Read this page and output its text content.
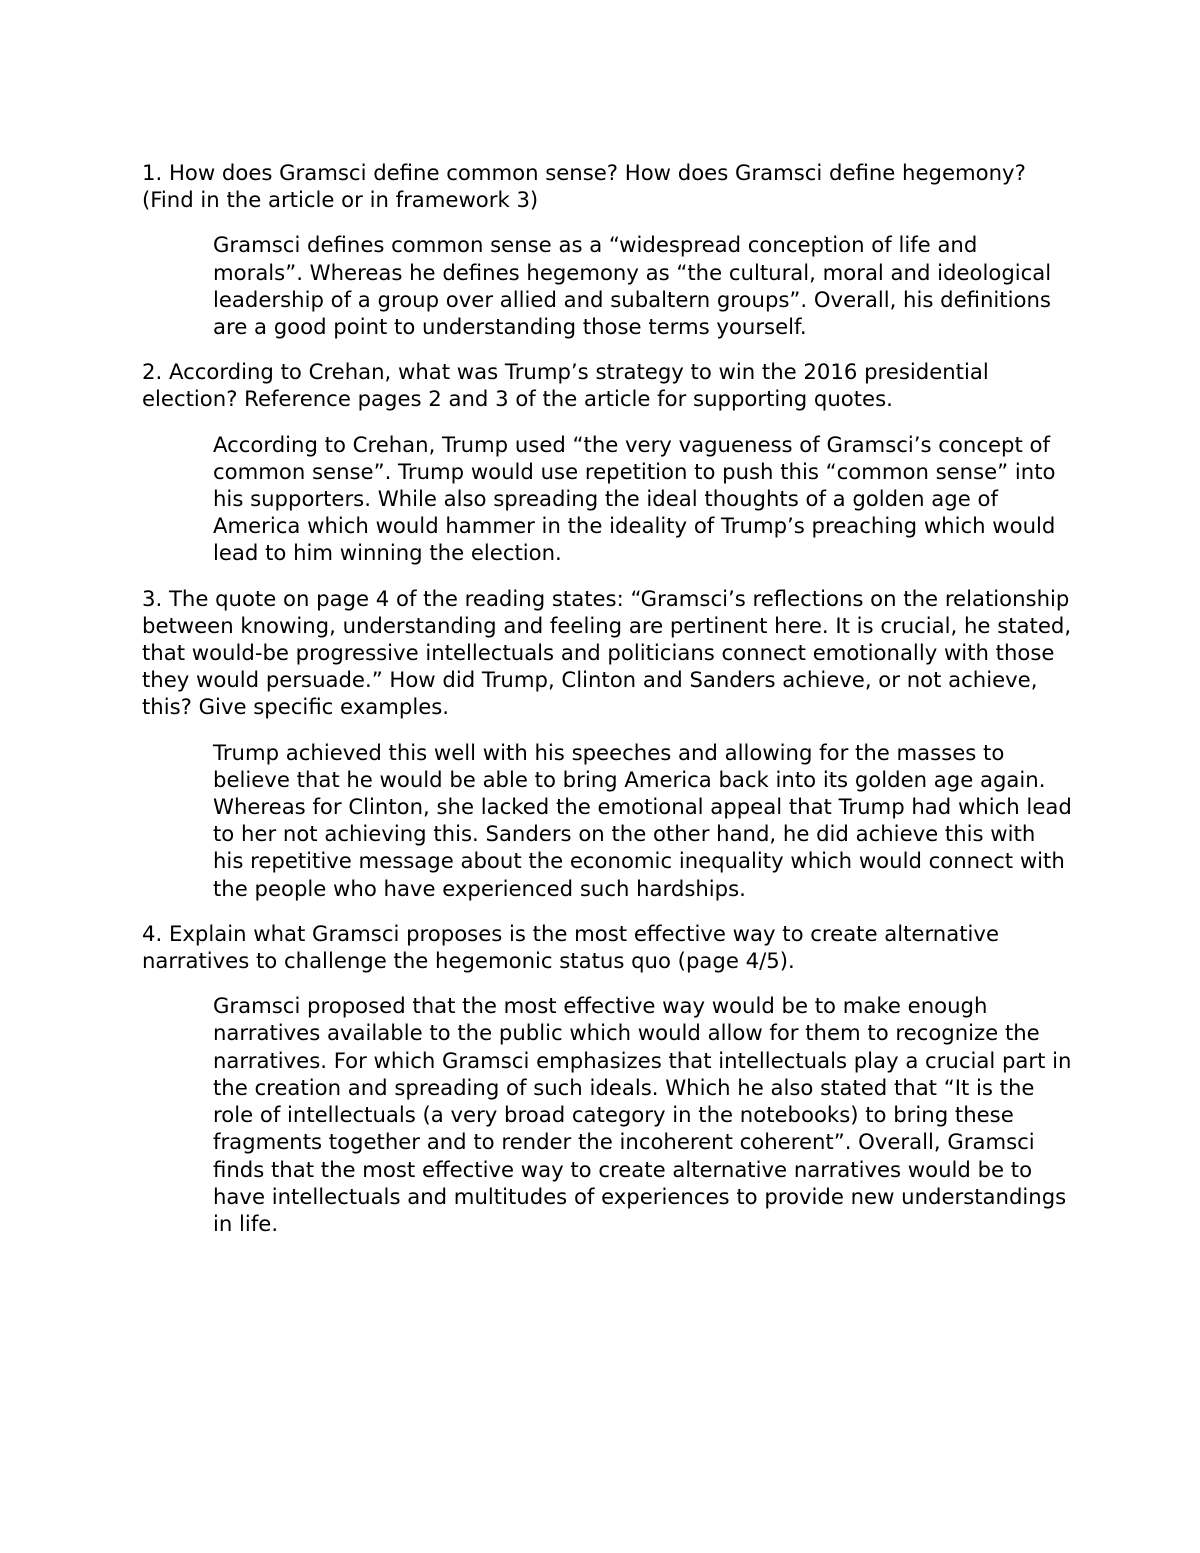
1. How does Gramsci define common sense? How does Gramsci define hegemony? (Find in the article or in framework 3)

Gramsci defines common sense as a “widespread conception of life and morals”. Whereas he defines hegemony as “the cultural, moral and ideological leadership of a group over allied and subaltern groups”. Overall, his definitions are a good point to understanding those terms yourself.

2. According to Crehan, what was Trump’s strategy to win the 2016 presidential election? Reference pages 2 and 3 of the article for supporting quotes.

According to Crehan, Trump used “the very vagueness of Gramsci’s concept of common sense”. Trump would use repetition to push this “common sense” into his supporters. While also spreading the ideal thoughts of a golden age of America which would hammer in the ideality of Trump’s preaching which would lead to him winning the election.

3. The quote on page 4 of the reading states: “Gramsci’s reflections on the relationship between knowing, understanding and feeling are pertinent here. It is crucial, he stated, that would-be progressive intellectuals and politicians connect emotionally with those they would persuade.” How did Trump, Clinton and Sanders achieve, or not achieve, this? Give specific examples.

Trump achieved this well with his speeches and allowing for the masses to believe that he would be able to bring America back into its golden age again. Whereas for Clinton, she lacked the emotional appeal that Trump had which lead to her not achieving this. Sanders on the other hand, he did achieve this with his repetitive message about the economic inequality which would connect with the people who have experienced such hardships.

4. Explain what Gramsci proposes is the most effective way to create alternative narratives to challenge the hegemonic status quo (page 4/5).

Gramsci proposed that the most effective way would be to make enough narratives available to the public which would allow for them to recognize the narratives. For which Gramsci emphasizes that intellectuals play a crucial part in the creation and spreading of such ideals. Which he also stated that “It is the role of intellectuals (a very broad category in the notebooks) to bring these fragments together and to render the incoherent coherent”. Overall, Gramsci finds that the most effective way to create alternative narratives would be to have intellectuals and multitudes of experiences to provide new understandings in life.
